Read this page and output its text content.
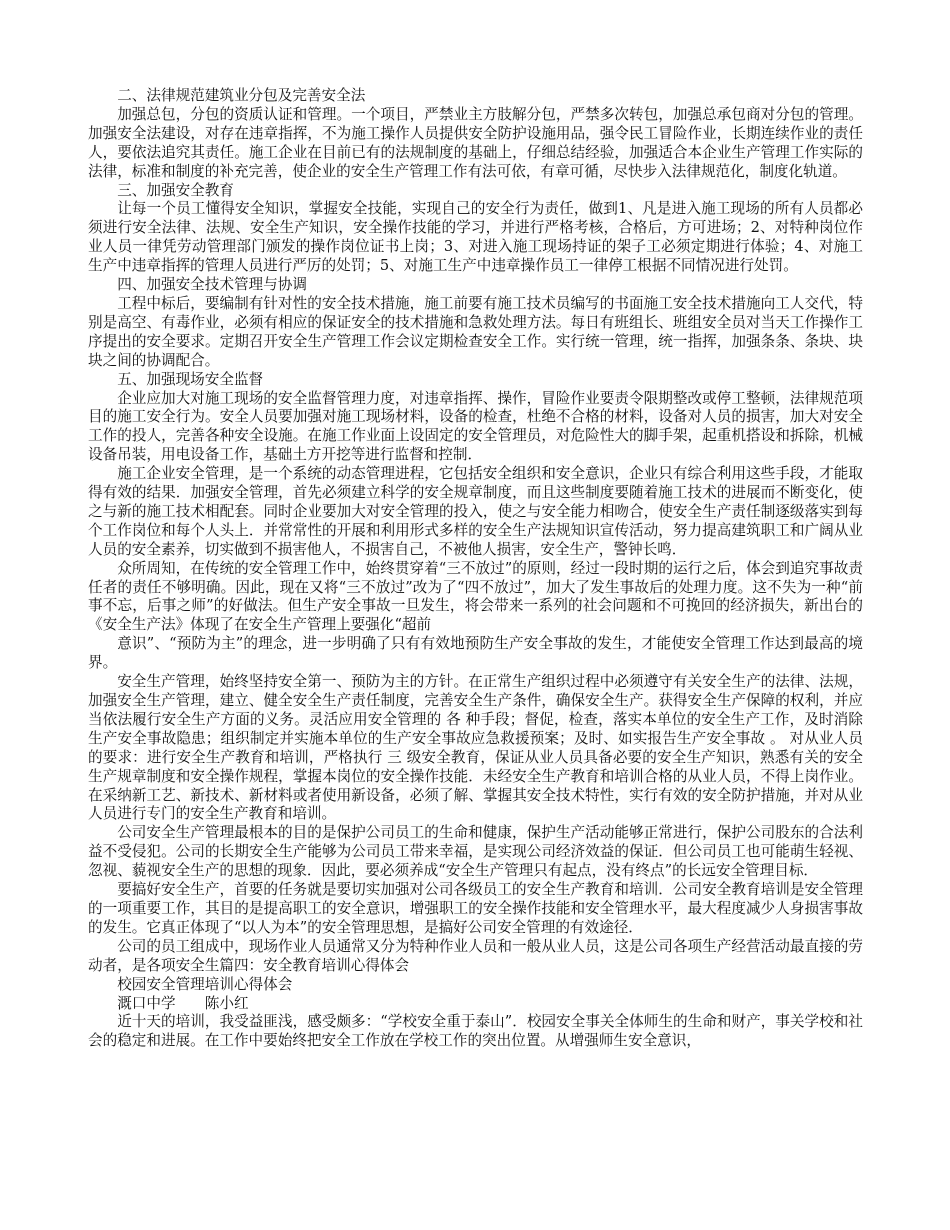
二、法律规范建筑业分包及完善安全法

加强总包，分包的资质认证和管理。一个项目，严禁业主方肢解分包，严禁多次转包，加强总承包商对分包的管理。加强安全法建设，对存在违章指挥，不为施工操作人员提供安全防护设施用品，强令民工冒险作业，长期连续作业的责任人，要依法追究其责任。施工企业在目前已有的法规制度的基础上，仔细总结经验，加强适合本企业生产管理工作实际的法律，标准和制度的补充完善，使企业的安全生产管理工作有法可依，有章可循，尽快步入法律规范化，制度化轨道。

三、加强安全教育

让每一个员工懂得安全知识，掌握安全技能，实现自己的安全行为责任，做到1、凡是进入施工现场的所有人员都必须进行安全法律、法规、安全生产知识，安全操作技能的学习，并进行严格考核，合格后，方可进场；2、对特种岗位作业人员一律凭劳动管理部门颁发的操作岗位证书上岗；3、对进入施工现场持证的架子工必须定期进行体验；4、对施工生产中违章指挥的管理人员进行严厉的处罚；5、对施工生产中违章操作员工一律停工根据不同情况进行处罚。

四、加强安全技术管理与协调

工程中标后，要编制有针对性的安全技术措施，施工前要有施工技术员编写的书面施工安全技术措施向工人交代，特别是高空、有毒作业，必须有相应的保证安全的技术措施和急救处理方法。每日有班组长、班组安全员对当天工作操作工序提出的安全要求。定期召开安全生产管理工作会议定期检查安全工作。实行统一管理，统一指挥，加强条条、条块、块块之间的协调配合。

五、加强现场安全监督

企业应加大对施工现场的安全监督管理力度，对违章指挥、操作，冒险作业要责令限期整改或停工整顿，法律规范项目的施工安全行为。安全人员要加强对施工现场材料，设备的检查，杜绝不合格的材料，设备对人员的损害，加大对安全工作的投人，完善各种安全设施。在施工作业面上设固定的安全管理员，对危险性大的脚手架，起重机搭设和拆除，机械设备吊装，用电设备工作，基础土方开挖等进行监督和控制．

施工企业安全管理，是一个系统的动态管理进程，它包括安全组织和安全意识，企业只有综合利用这些手段，才能取得有效的结果．加强安全管理，首先必须建立科学的安全规章制度，而且这些制度要随着施工技术的进展而不断变化，使之与新的施工技术相配套。同时企业要加大对安全管理的投入，使之与安全能力相吻合，使安全生产责任制逐级落实到每个工作岗位和每个人头上．并常常性的开展和利用形式多样的安全生产法规知识宣传活动，努力提高建筑职工和广阔从业人员的安全素养，切实做到不损害他人，不损害自己，不被他人损害，安全生产，警钟长鸣．

众所周知，在传统的安全管理工作中，始终贯穿着“三不放过”的原则，经过一段时期的运行之后，体会到追究事故责任者的责任不够明确。因此，现在又将“三不放过”改为了“四不放过”，加大了发生事故后的处理力度。这不失为一种“前事不忘，后事之师”的好做法。但生产安全事故一旦发生，将会带来一系列的社会问题和不可挽回的经济损失，新出台的《安全生产法》体现了在安全生产管理上要强化“超前

意识”、“预防为主”的理念，进一步明确了只有有效地预防生产安全事故的发生，才能使安全管理工作达到最高的境界。

安全生产管理，始终坚持安全第一、预防为主的方针。在正常生产组织过程中必须遵守有关安全生产的法律、法规，加强安全生产管理，建立、健全安全生产责任制度，完善安全生产条件，确保安全生产。获得安全生产保障的权利，并应当依法履行安全生产方面的义务。灵活应用安全管理的 各 种手段；督促，检查，落实本单位的安全生产工作，及时消除生产安全事故隐患；组织制定并实施本单位的生产安全事故应急救援预案；及时、如实报告生产安全事故 。 对从业人员的要求：进行安全生产教育和培训，严格执行 三 级安全教育，保证从业人员具备必要的安全生产知识，熟悉有关的安全生产规章制度和安全操作规程，掌握本岗位的安全操作技能．未经安全生产教育和培训合格的从业人员，不得上岗作业。在采纳新工艺、新技术、新材料或者使用新设备，必须了解、掌握其安全技术特性，实行有效的安全防护措施，并对从业人员进行专门的安全生产教育和培训。

公司安全生产管理最根本的目的是保护公司员工的生命和健康，保护生产活动能够正常进行，保护公司股东的合法利益不受侵犯。公司的长期安全生产能够为公司员工带来幸福，是实现公司经济效益的保证．但公司员工也可能萌生轻视、忽视、藐视安全生产的思想的现象．因此，要必须养成“安全生产管理只有起点，没有终点”的长远安全管理目标．

要搞好安全生产，首要的任务就是要切实加强对公司各级员工的安全生产教育和培训．公司安全教育培训是安全管理的一项重要工作，其目的是提高职工的安全意识，增强职工的安全操作技能和安全管理水平，最大程度减少人身损害事故的发生。它真正体现了“以人为本”的安全管理思想，是搞好公司安全管理的有效途径．

公司的员工组成中，现场作业人员通常又分为特种作业人员和一般从业人员，这是公司各项生产经营活动最直接的劳动者，是各项安全生篇四：安全教育培训心得体会

校园安全管理培训心得体会

溉口中学　　陈小红

近十天的培训，我受益匪浅，感受颇多：“学校安全重于泰山”．校园安全事关全体师生的生命和财产，事关学校和社会的稳定和进展。在工作中要始终把安全工作放在学校工作的突出位置。从增强师生安全意识，
